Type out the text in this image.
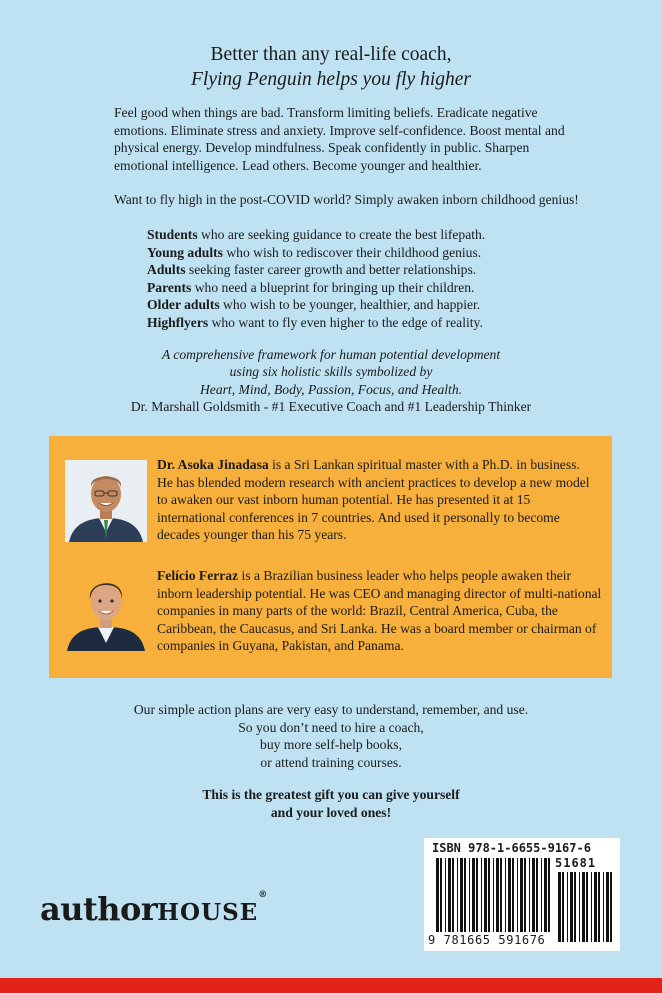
Better than any real-life coach,
Flying Penguin helps you fly higher
Feel good when things are bad. Transform limiting beliefs. Eradicate negative emotions. Eliminate stress and anxiety. Improve self-confidence. Boost mental and physical energy. Develop mindfulness. Speak confidently in public. Sharpen emotional intelligence. Lead others. Become younger and healthier.
Want to fly high in the post-COVID world? Simply awaken inborn childhood genius!
Students who are seeking guidance to create the best lifepath.
Young adults who wish to rediscover their childhood genius.
Adults seeking faster career growth and better relationships.
Parents who need a blueprint for bringing up their children.
Older adults who wish to be younger, healthier, and happier.
Highflyers who want to fly even higher to the edge of reality.
A comprehensive framework for human potential development
using six holistic skills symbolized by
Heart, Mind, Body, Passion, Focus, and Health.
Dr. Marshall Goldsmith - #1 Executive Coach and #1 Leadership Thinker
Dr. Asoka Jinadasa is a Sri Lankan spiritual master with a Ph.D. in business. He has blended modern research with ancient practices to develop a new model to awaken our vast inborn human potential. He has presented it at 15 international conferences in 7 countries. And used it personally to become decades younger than his 75 years.
Felício Ferraz is a Brazilian business leader who helps people awaken their inborn leadership potential. He was CEO and managing director of multi-national companies in many parts of the world: Brazil, Central America, Cuba, the Caribbean, the Caucasus, and Sri Lanka. He was a board member or chairman of companies in Guyana, Pakistan, and Panama.
Our simple action plans are very easy to understand, remember, and use.
So you don’t need to hire a coach,
buy more self-help books,
or attend training courses.
This is the greatest gift you can give yourself
and your loved ones!
authorHOUSE®
ISBN 978-1-6655-9167-6
51681
9 781665 591676
